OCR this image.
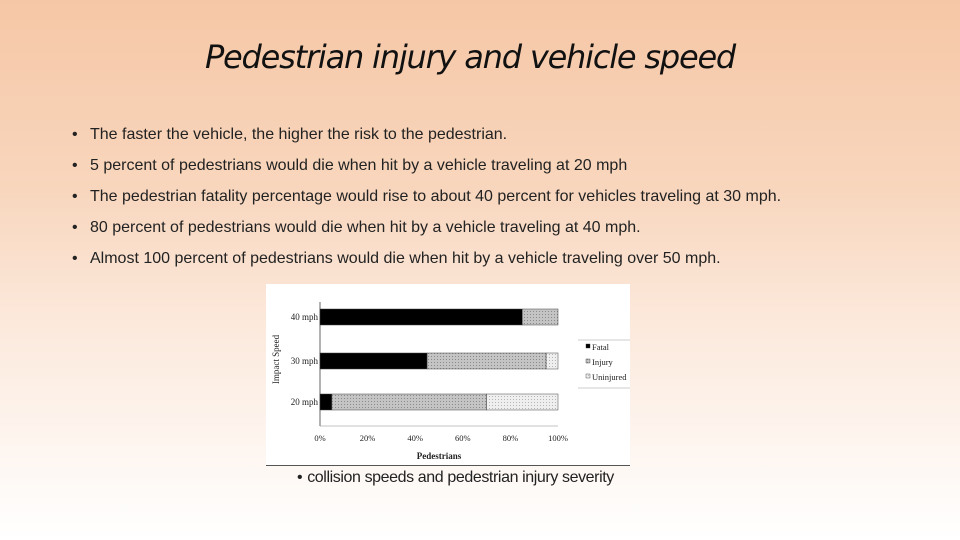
Pedestrian injury and vehicle speed
• The faster the vehicle, the higher the risk to the pedestrian.
• 5 percent of pedestrians would die when hit by a vehicle traveling at 20 mph
• The pedestrian fatality percentage would rise to about 40 percent for vehicles traveling at 30 mph.
• 80 percent of pedestrians would die when hit by a vehicle traveling at 40 mph.
• Almost 100 percent of pedestrians would die when hit by a vehicle traveling over 50 mph.
40 mph
30 mph
20 mph
0%	20%	40%	60%	80%	100%
Pedestrians
Impact Speed	Fatal
Injury
Uninjured
• collision speeds and pedestrian injury severity
